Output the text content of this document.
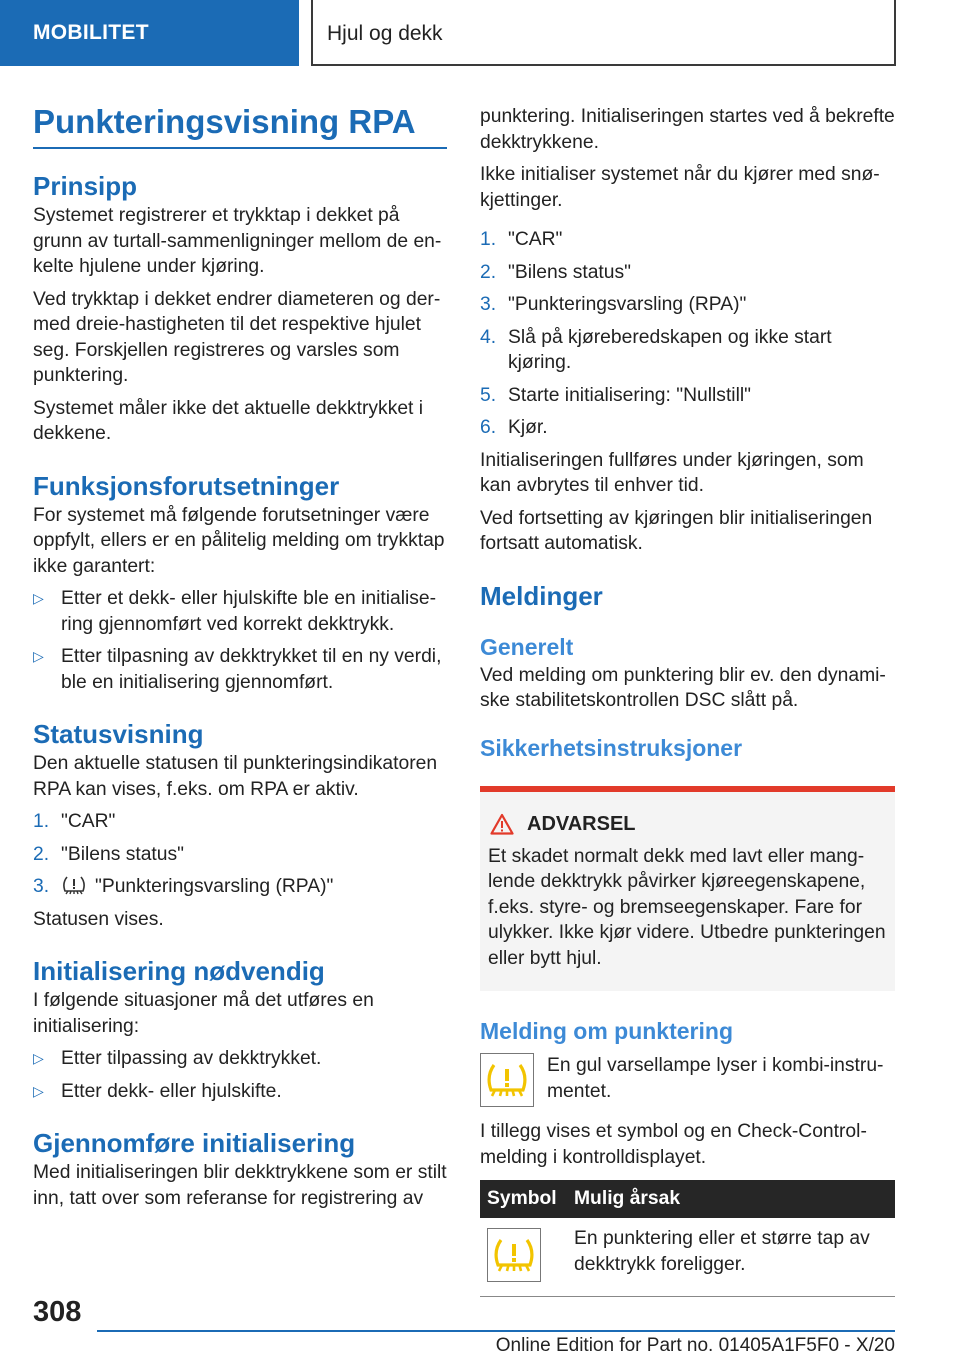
MOBILITET	Hjul og dekk
Punkteringsvisning RPA
Prinsipp

Systemet registrerer et trykktap i dekket på grunn av turtall-sammenligninger mellom de enkelte hjulene under kjøring.

Ved trykktap i dekket endrer diameteren og dermed dreie-hastigheten til det respektive hjulet seg. Forskjellen registreres og varsles som punktering.

Systemet måler ikke det aktuelle dekktrykket i dekkene.

Funksjonsforutsetninger

For systemet må følgende forutsetninger være oppfylt, ellers er en pålitelig melding om trykktap ikke garantert:

▷ Etter et dekk- eller hjulskifte ble en initialisering gjennomført ved korrekt dekktrykk.
▷ Etter tilpasning av dekktrykket til en ny verdi, ble en initialisering gjennomført.
Statusvisning

Den aktuelle statusen til punkteringsindikatoren RPA kan vises, f.eks. om RPA er aktiv.

1. "CAR"
2. "Bilens status"
3. "Punkteringsvarsling (RPA)"

Statusen vises.

Initialisering nødvendig

I følgende situasjoner må det utføres en initialisering:

▷ Etter tilpassing av dekktrykket.
▷ Etter dekk- eller hjulskifte.
Gjennomføre initialisering

Med initialiseringen blir dekktrykkene som er stilt inn, tatt over som referanse for registrering av

punktering. Initialiseringen startes ved å bekrefte dekktrykkene.

Ikke initialiser systemet når du kjører med snøkjettinger.

1. "CAR"
2. "Bilens status"
3. "Punkteringsvarsling (RPA)"
4. Slå på kjøreberedskapen og ikke start kjøring.
5. Starte initialisering: "Nullstill"
6. Kjør.

Initialiseringen fullføres under kjøringen, som kan avbrytes til enhver tid.

Ved fortsetting av kjøringen blir initialiseringen fortsatt automatisk.

Meldinger
Generelt

Ved melding om punktering blir ev. den dynamiske stabilitetskontrollen DSC slått på.

Sikkerhetsinstruksjoner
ADVARSEL

Et skadet normalt dekk med lavt eller manglende dekktrykk påvirker kjøreegenskapene, f.eks. styre- og bremseegenskaper. Fare for ulykker. Ikke kjør videre. Utbedre punkteringen eller bytt hjul.

Melding om punktering

En gul varsellampe lyser i kombi-instrumentet.

I tillegg vises et symbol og en Check-Control-melding i kontrolldisplayet.

Symbol	Mulig årsak

	En punktering eller et større tap av dekktrykk foreligger.
308
Online Edition for Part no. 01405A1F5F0 - X/20
